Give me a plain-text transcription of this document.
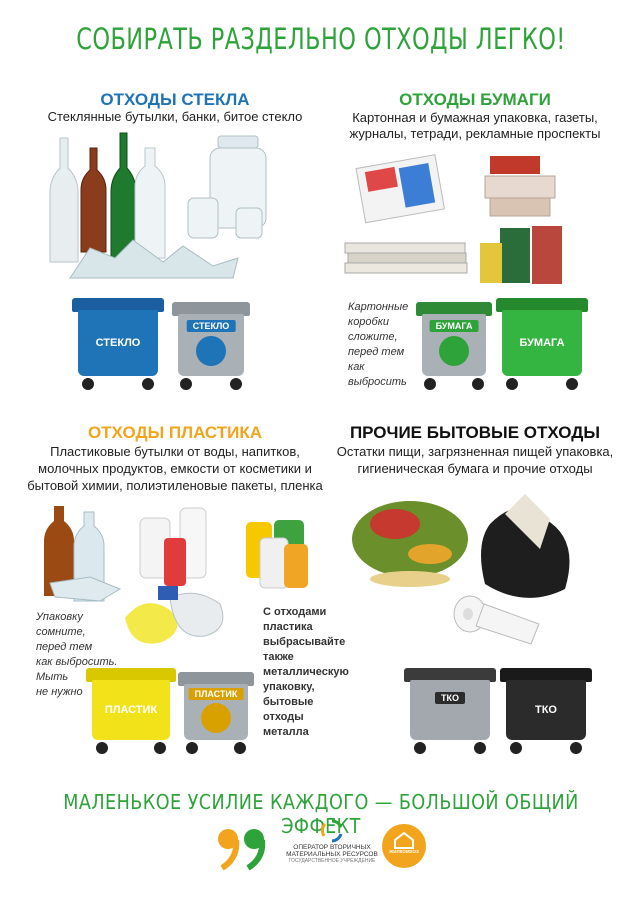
СОБИРАТЬ РАЗДЕЛЬНО ОТХОДЫ ЛЕГКО!
ОТХОДЫ СТЕКЛА
Стеклянные бутылки, банки, битое стекло
СТЕКЛО
СТЕКЛО
ОТХОДЫ БУМАГИ
Картонная и бумажная упаковка, газеты,
журналы, тетради, рекламные проспекты
Картонные
коробки
сложите,
перед тем
как
выбросить
БУМАГА
БУМАГА
ОТХОДЫ ПЛАСТИКА
Пластиковые бутылки от воды, напитков,
молочных продуктов, емкости от косметики и
бытовой химии, полиэтиленовые пакеты, пленка
Упаковку
сомните,
перед тем
как выбросить.
Мыть
не нужно
С отходами
пластика
выбрасывайте
также
металлическую
упаковку,
бытовые
отходы металла
ПЛАСТИК
ПЛАСТИК
ПРОЧИЕ БЫТОВЫЕ ОТХОДЫ
Остатки пищи, загрязненная пищей упаковка,
гигиеническая бумага и прочие отходы
ТКО
ТКО
МАЛЕНЬКОЕ УСИЛИЕ КАЖДОГО — БОЛЬШОЙ ОБЩИЙ ЭФФЕКТ
ОПЕРАТОР ВТОРИЧНЫХ
МАТЕРИАЛЬНЫХ РЕСУРСОВ
ГОСУДАРСТВЕННОЕ УЧРЕЖДЕНИЕ
ЖИЛКОМХОЗ
